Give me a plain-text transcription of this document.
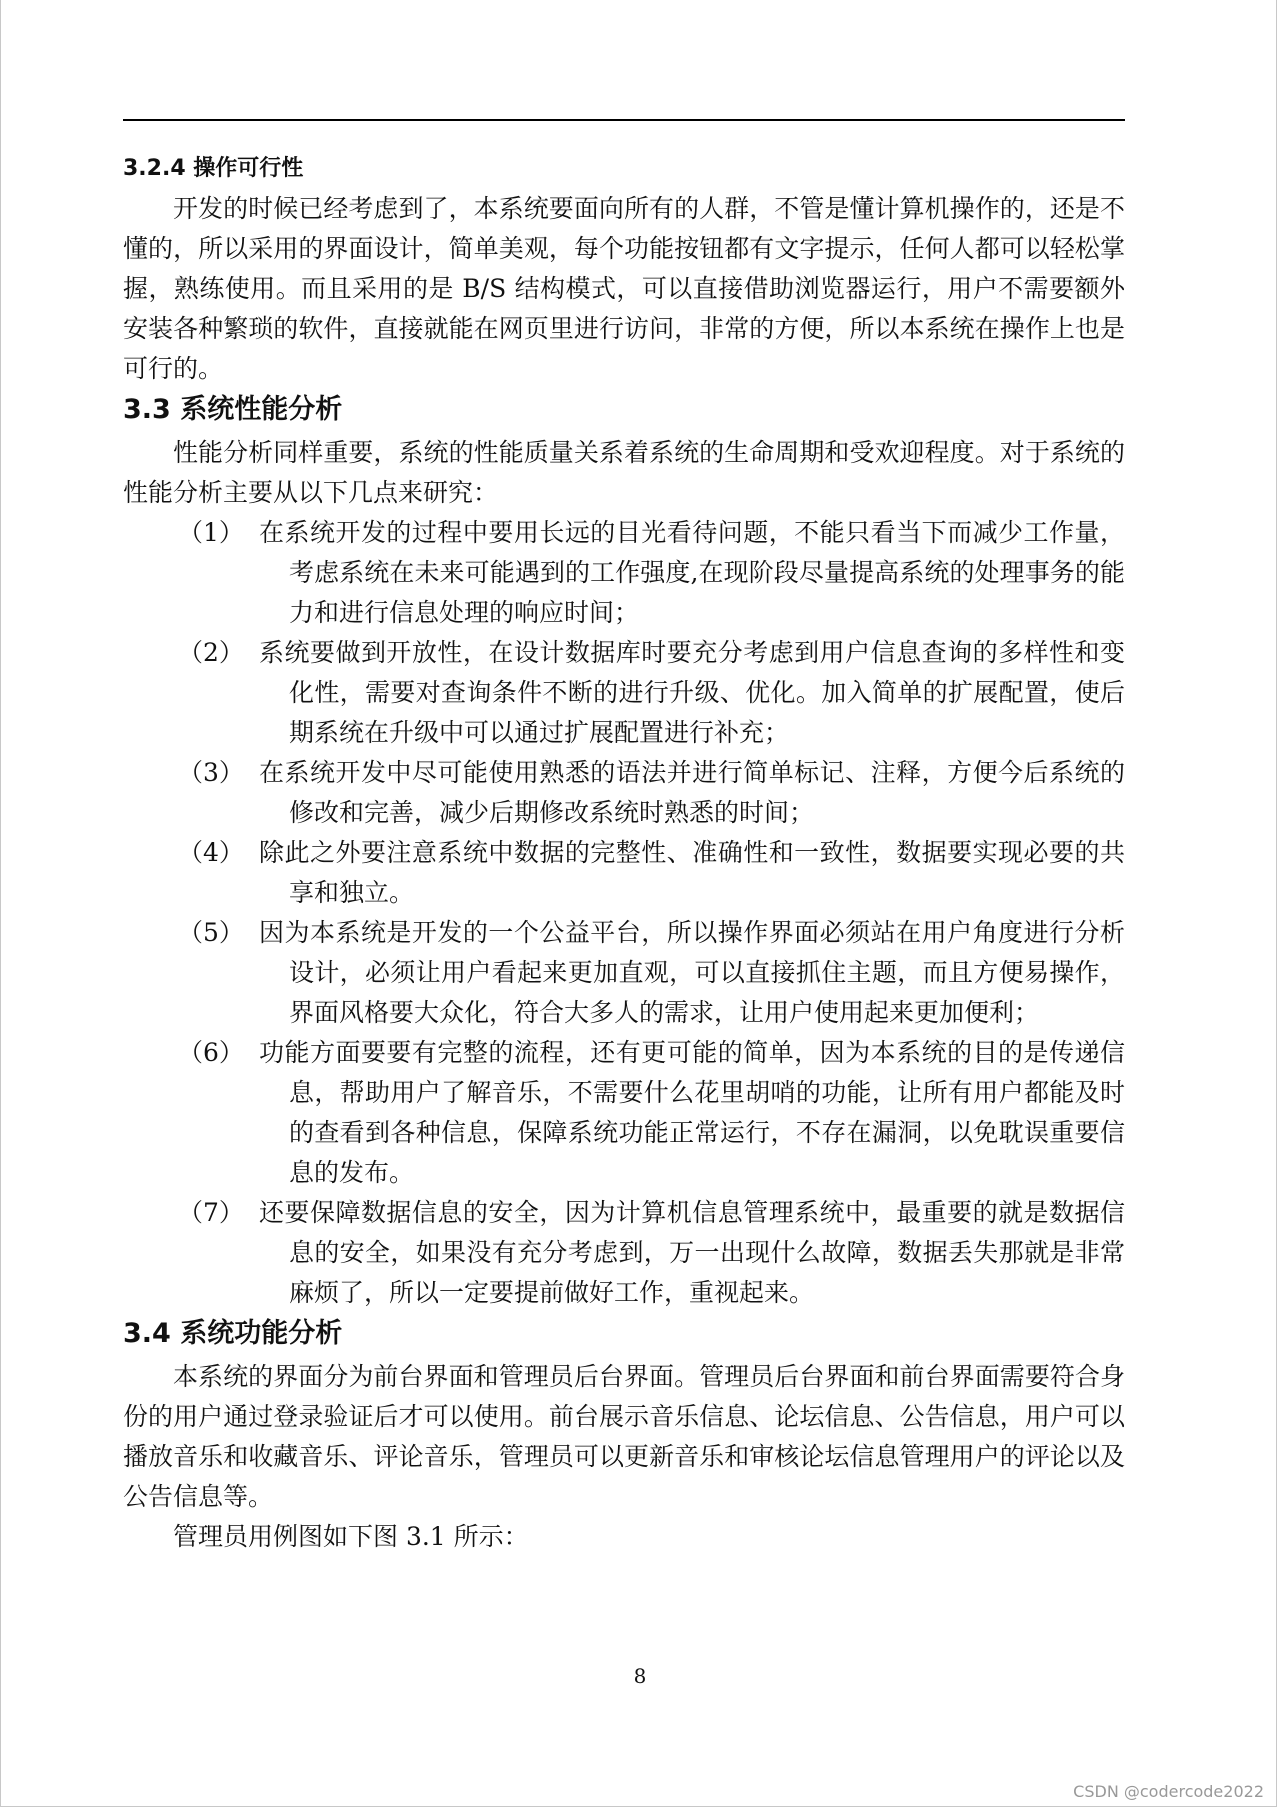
3.2.4 操作可行性

开发的时候已经考虑到了，本系统要面向所有的人群，不管是懂计算机操作的，还是不懂的，所以采用的界面设计，简单美观，每个功能按钮都有文字提示，任何人都可以轻松掌握，熟练使用。而且采用的是 B/S 结构模式，可以直接借助浏览器运行，用户不需要额外安装各种繁琐的软件，直接就能在网页里进行访问，非常的方便，所以本系统在操作上也是可行的。

3.3 系统性能分析

性能分析同样重要，系统的性能质量关系着系统的生命周期和受欢迎程度。对于系统的性能分析主要从以下几点来研究：

（1） 在系统开发的过程中要用长远的目光看待问题，不能只看当下而减少工作量，考虑系统在未来可能遇到的工作强度,在现阶段尽量提高系统的处理事务的能力和进行信息处理的响应时间；
（2） 系统要做到开放性，在设计数据库时要充分考虑到用户信息查询的多样性和变化性，需要对查询条件不断的进行升级、优化。加入简单的扩展配置，使后期系统在升级中可以通过扩展配置进行补充；
（3） 在系统开发中尽可能使用熟悉的语法并进行简单标记、注释，方便今后系统的修改和完善，减少后期修改系统时熟悉的时间；
（4） 除此之外要注意系统中数据的完整性、准确性和一致性，数据要实现必要的共享和独立。
（5） 因为本系统是开发的一个公益平台，所以操作界面必须站在用户角度进行分析设计，必须让用户看起来更加直观，可以直接抓住主题，而且方便易操作，界面风格要大众化，符合大多人的需求，让用户使用起来更加便利；
（6） 功能方面要要有完整的流程，还有更可能的简单，因为本系统的目的是传递信息，帮助用户了解音乐，不需要什么花里胡哨的功能，让所有用户都能及时的查看到各种信息，保障系统功能正常运行，不存在漏洞，以免耽误重要信息的发布。
（7） 还要保障数据信息的安全，因为计算机信息管理系统中，最重要的就是数据信息的安全，如果没有充分考虑到，万一出现什么故障，数据丢失那就是非常麻烦了，所以一定要提前做好工作，重视起来。
3.4 系统功能分析

本系统的界面分为前台界面和管理员后台界面。管理员后台界面和前台界面需要符合身份的用户通过登录验证后才可以使用。前台展示音乐信息、论坛信息、公告信息，用户可以播放音乐和收藏音乐、评论音乐，管理员可以更新音乐和审核论坛信息管理用户的评论以及公告信息等。

管理员用例图如下图 3.1 所示：

8
CSDN @codercode2022
